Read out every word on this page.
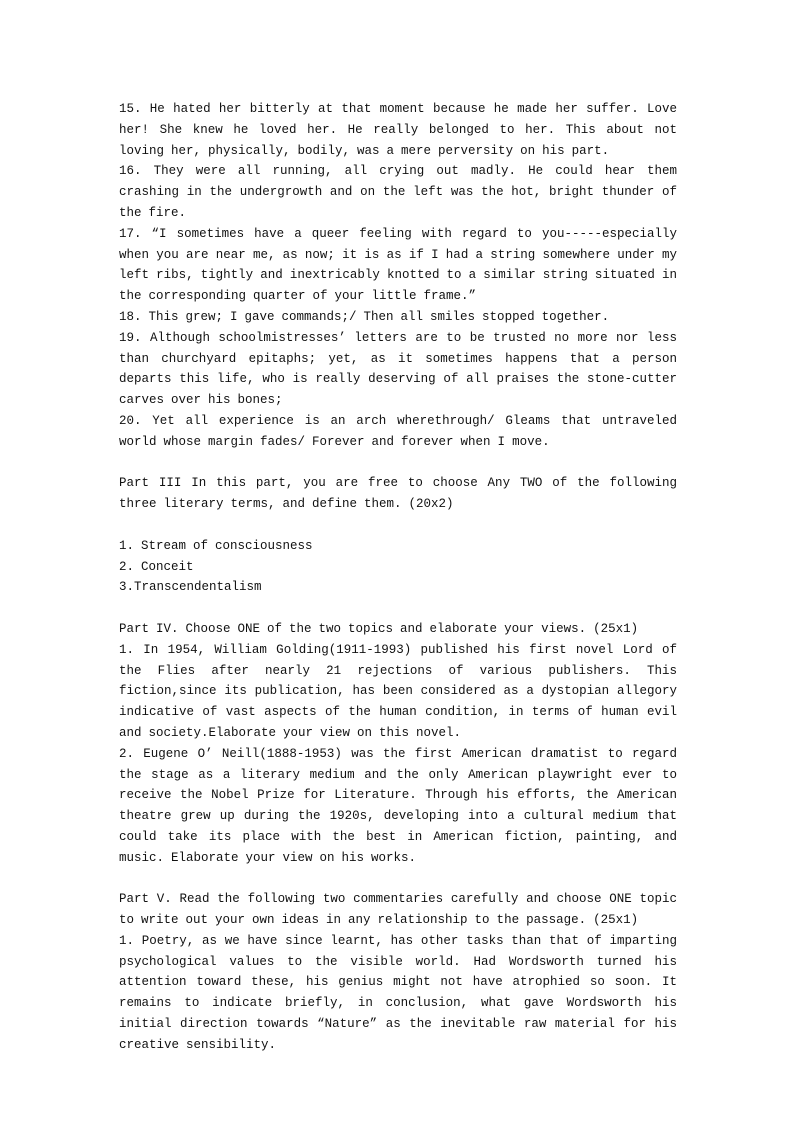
15. He hated her bitterly at that moment because he made her suffer. Love her! She knew he loved her. He really belonged to her. This about not loving her, physically, bodily, was a mere perversity on his part.

16. They were all running, all crying out madly. He could hear them crashing in the undergrowth and on the left was the hot, bright thunder of the fire.

17. “I sometimes have a queer feeling with regard to you-----especially when you are near me, as now; it is as if I had a string somewhere under my left ribs, tightly and inextricably knotted to a similar string situated in the corresponding quarter of your little frame.”

18. This grew; I gave commands;/ Then all smiles stopped together.

19. Although schoolmistresses’ letters are to be trusted no more nor less than churchyard epitaphs; yet, as it sometimes happens that a person departs this life, who is really deserving of all praises the stone-cutter carves over his bones;

20. Yet all experience is an arch wherethrough/ Gleams that untraveled world whose margin fades/ Forever and forever when I move.

Part III In this part, you are free to choose Any TWO of the following three literary terms, and define them. (20x2)

1. Stream of consciousness

2. Conceit

3.Transcendentalism

Part IV. Choose ONE of the two topics and elaborate your views. (25x1)

1. In 1954, William Golding(1911-1993) published his first novel Lord of the Flies after nearly 21 rejections of various publishers. This fiction,since its publication, has been considered as a dystopian allegory indicative of vast aspects of the human condition, in terms of human evil and society.Elaborate your view on this novel.

2. Eugene O’ Neill(1888-1953) was the first American dramatist to regard the stage as a literary medium and the only American playwright ever to receive the Nobel Prize for Literature. Through his efforts, the American theatre grew up during the 1920s, developing into a cultural medium that could take its place with the best in American fiction, painting, and music. Elaborate your view on his works.

Part V. Read the following two commentaries carefully and choose ONE topic to write out your own ideas in any relationship to the passage. (25x1)

1. Poetry, as we have since learnt, has other tasks than that of imparting psychological values to the visible world. Had Wordsworth turned his attention toward these, his genius might not have atrophied so soon. It remains to indicate briefly, in conclusion, what gave Wordsworth his initial direction towards “Nature” as the inevitable raw material for his creative sensibility.
